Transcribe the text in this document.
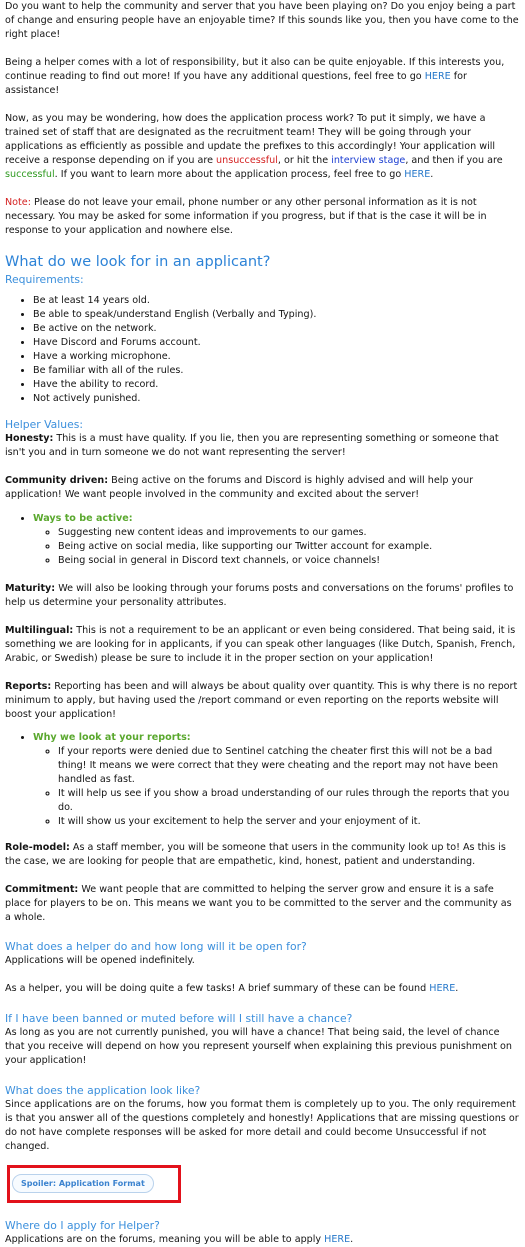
Do you want to help the community and server that you have been playing on? Do you enjoy being a part of change and ensuring people have an enjoyable time? If this sounds like you, then you have come to the right place!

Being a helper comes with a lot of responsibility, but it also can be quite enjoyable. If this interests you, continue reading to find out more! If you have any additional questions, feel free to go HERE for assistance!

Now, as you may be wondering, how does the application process work? To put it simply, we have a trained set of staff that are designated as the recruitment team! They will be going through your applications as efficiently as possible and update the prefixes to this accordingly! Your application will receive a response depending on if you are unsuccessful, or hit the interview stage, and then if you are successful. If you want to learn more about the application process, feel free to go HERE.

Note: Please do not leave your email, phone number or any other personal information as it is not necessary. You may be asked for some information if you progress, but if that is the case it will be in response to your application and nowhere else.

What do we look for in an applicant?
Requirements:
• Be at least 14 years old.
• Be able to speak/understand English (Verbally and Typing).
• Be active on the network.
• Have Discord and Forums account.
• Have a working microphone.
• Be familiar with all of the rules.
• Have the ability to record.
• Not actively punished.
Helper Values:

Honesty: This is a must have quality. If you lie, then you are representing something or someone that isn't you and in turn someone we do not want representing the server!

Community driven: Being active on the forums and Discord is highly advised and will help your application! We want people involved in the community and excited about the server!

• Ways to be active:
◦ Suggesting new content ideas and improvements to our games.
◦ Being active on social media, like supporting our Twitter account for example.
◦ Being social in general in Discord text channels, or voice channels!

Maturity: We will also be looking through your forums posts and conversations on the forums' profiles to help us determine your personality attributes.

Multilingual: This is not a requirement to be an applicant or even being considered. That being said, it is something we are looking for in applicants, if you can speak other languages (like Dutch, Spanish, French, Arabic, or Swedish) please be sure to include it in the proper section on your application!

Reports: Reporting has been and will always be about quality over quantity. This is why there is no report minimum to apply, but having used the /report command or even reporting on the reports website will boost your application!

• Why we look at your reports:
◦ If your reports were denied due to Sentinel catching the cheater first this will not be a bad thing! It means we were correct that they were cheating and the report may not have been handled as fast.
◦ It will help us see if you show a broad understanding of our rules through the reports that you do.
◦ It will show us your excitement to help the server and your enjoyment of it.

Role-model: As a staff member, you will be someone that users in the community look up to! As this is the case, we are looking for people that are empathetic, kind, honest, patient and understanding.

Commitment: We want people that are committed to helping the server grow and ensure it is a safe place for players to be on. This means we want you to be committed to the server and the community as a whole.

What does a helper do and how long will it be open for?

Applications will be opened indefinitely.

As a helper, you will be doing quite a few tasks! A brief summary of these can be found HERE.

If I have been banned or muted before will I still have a chance?

As long as you are not currently punished, you will have a chance! That being said, the level of chance that you receive will depend on how you represent yourself when explaining this previous punishment on your application!

What does the application look like?

Since applications are on the forums, how you format them is completely up to you. The only requirement is that you answer all of the questions completely and honestly! Applications that are missing questions or do not have complete responses will be asked for more detail and could become Unsuccessful if not changed.

Spoiler: Application Format
Where do I apply for Helper?

Applications are on the forums, meaning you will be able to apply HERE.
